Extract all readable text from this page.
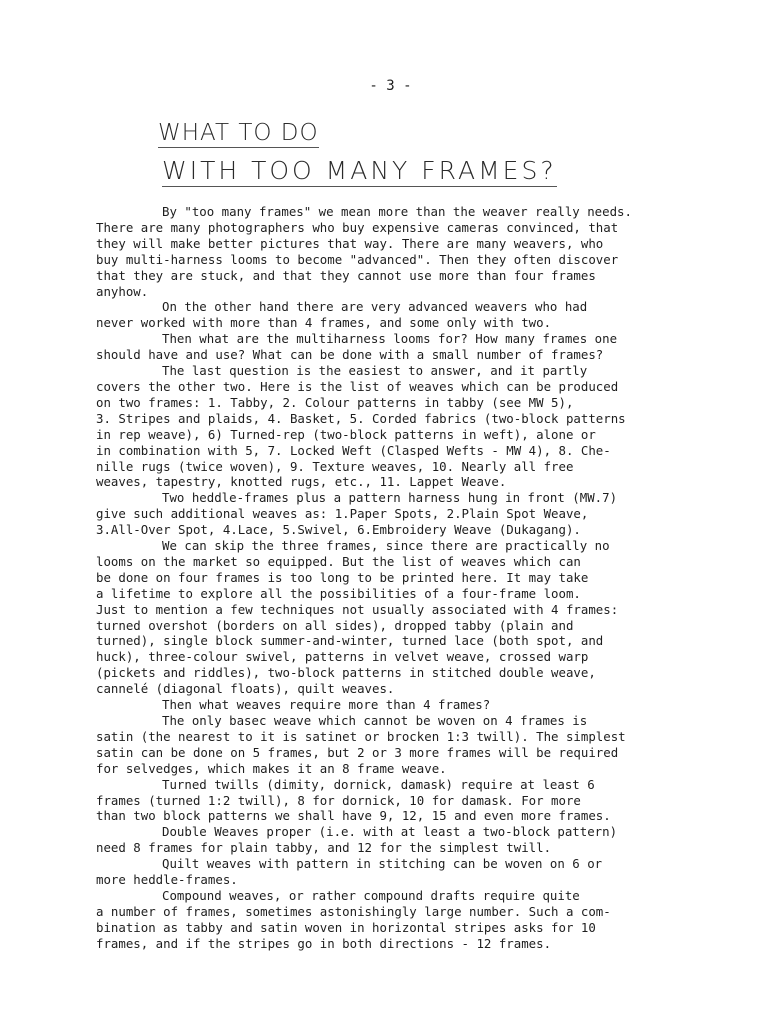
- 3 -
WHAT TO DO
WITH TOO MANY FRAMES?

By "too many frames" we mean more than the weaver really needs.
There are many photographers who buy expensive cameras convinced, that
they will make better pictures that way. There are many weavers, who
buy multi-harness looms to become "advanced". Then they often discover
that they are stuck, and that they cannot use more than four frames
anyhow.

On the other hand there are very advanced weavers who had
never worked with more than 4 frames, and some only with two.

Then what are the multiharness looms for? How many frames one
should have and use? What can be done with a small number of frames?

The last question is the easiest to answer, and it partly
covers the other two. Here is the list of weaves which can be produced
on two frames: 1. Tabby, 2. Colour patterns in tabby (see MW 5),
3. Stripes and plaids, 4. Basket, 5. Corded fabrics (two-block patterns
in rep weave), 6) Turned-rep (two-block patterns in weft), alone or
in combination with 5, 7. Locked Weft (Clasped Wefts - MW 4), 8. Che-
nille rugs (twice woven), 9. Texture weaves, 10. Nearly all free
weaves, tapestry, knotted rugs, etc., 11. Lappet Weave.

Two heddle-frames plus a pattern harness hung in front (MW.7)
give such additional weaves as: 1.Paper Spots, 2.Plain Spot Weave,
3.All-Over Spot, 4.Lace, 5.Swivel, 6.Embroidery Weave (Dukagang).

We can skip the three frames, since there are practically no
looms on the market so equipped. But the list of weaves which can
be done on four frames is too long to be printed here. It may take
a lifetime to explore all the possibilities of a four-frame loom.
Just to mention a few techniques not usually associated with 4 frames:
turned overshot (borders on all sides), dropped tabby (plain and
turned), single block summer-and-winter, turned lace (both spot, and
huck), three-colour swivel, patterns in velvet weave, crossed warp
(pickets and riddles), two-block patterns in stitched double weave,
cannelé (diagonal floats), quilt weaves.

Then what weaves require more than 4 frames?

The only basec weave which cannot be woven on 4 frames is
satin (the nearest to it is satinet or brocken 1:3 twill). The simplest
satin can be done on 5 frames, but 2 or 3 more frames will be required
for selvedges, which makes it an 8 frame weave.

Turned twills (dimity, dornick, damask) require at least 6
frames (turned 1:2 twill), 8 for dornick, 10 for damask. For more
than two block patterns we shall have 9, 12, 15 and even more frames.

Double Weaves proper (i.e. with at least a two-block pattern)
need 8 frames for plain tabby, and 12 for the simplest twill.

Quilt weaves with pattern in stitching can be woven on 6 or
more heddle-frames.

Compound weaves, or rather compound drafts require quite
a number of frames, sometimes astonishingly large number. Such a com-
bination as tabby and satin woven in horizontal stripes asks for 10
frames, and if the stripes go in both directions - 12 frames.
